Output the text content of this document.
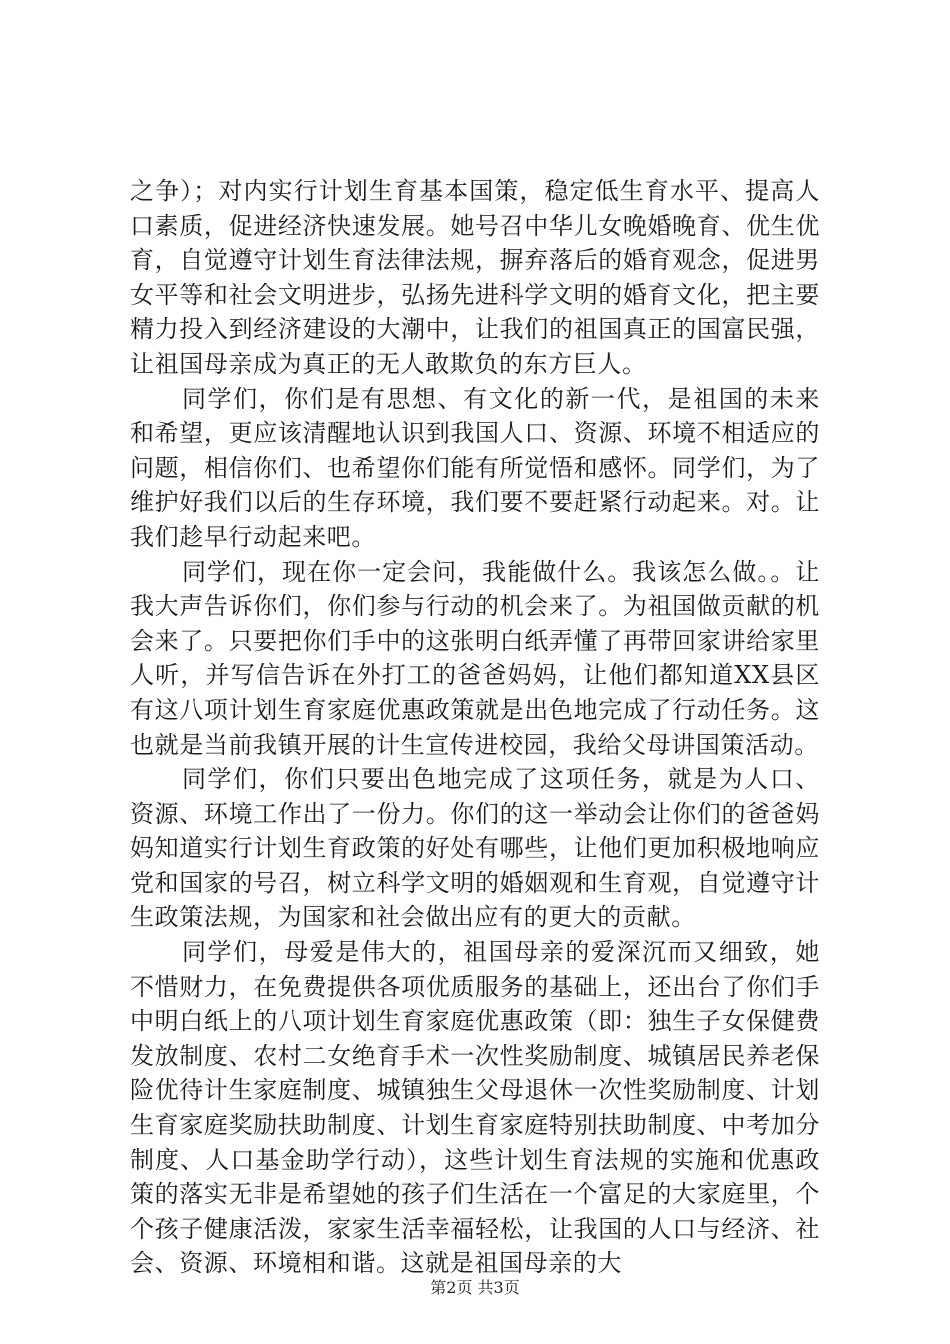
之争）；对内实行计划生育基本国策，稳定低生育水平、提高人口素质，促进经济快速发展。她号召中华儿女晚婚晚育、优生优育，自觉遵守计划生育法律法规，摒弃落后的婚育观念，促进男女平等和社会文明进步，弘扬先进科学文明的婚育文化，把主要精力投入到经济建设的大潮中，让我们的祖国真正的国富民强，让祖国母亲成为真正的无人敢欺负的东方巨人。

同学们，你们是有思想、有文化的新一代，是祖国的未来和希望，更应该清醒地认识到我国人口、资源、环境不相适应的问题，相信你们、也希望你们能有所觉悟和感怀。同学们，为了维护好我们以后的生存环境，我们要不要赶紧行动起来。对。让我们趁早行动起来吧。

同学们，现在你一定会问，我能做什么。我该怎么做。。让我大声告诉你们，你们参与行动的机会来了。为祖国做贡献的机会来了。只要把你们手中的这张明白纸弄懂了再带回家讲给家里人听，并写信告诉在外打工的爸爸妈妈，让他们都知道XX县区有这八项计划生育家庭优惠政策就是出色地完成了行动任务。这也就是当前我镇开展的计生宣传进校园，我给父母讲国策活动。

同学们，你们只要出色地完成了这项任务，就是为人口、资源、环境工作出了一份力。你们的这一举动会让你们的爸爸妈妈知道实行计划生育政策的好处有哪些，让他们更加积极地响应党和国家的号召，树立科学文明的婚姻观和生育观，自觉遵守计生政策法规，为国家和社会做出应有的更大的贡献。

同学们，母爱是伟大的，祖国母亲的爱深沉而又细致，她不惜财力，在免费提供各项优质服务的基础上，还出台了你们手中明白纸上的八项计划生育家庭优惠政策（即：独生子女保健费发放制度、农村二女绝育手术一次性奖励制度、城镇居民养老保险优待计生家庭制度、城镇独生父母退休一次性奖励制度、计划生育家庭奖励扶助制度、计划生育家庭特别扶助制度、中考加分制度、人口基金助学行动），这些计划生育法规的实施和优惠政策的落实无非是希望她的孩子们生活在一个富足的大家庭里，个个孩子健康活泼，家家生活幸福轻松，让我国的人口与经济、社会、资源、环境相和谐。这就是祖国母亲的大

第2页 共3页
